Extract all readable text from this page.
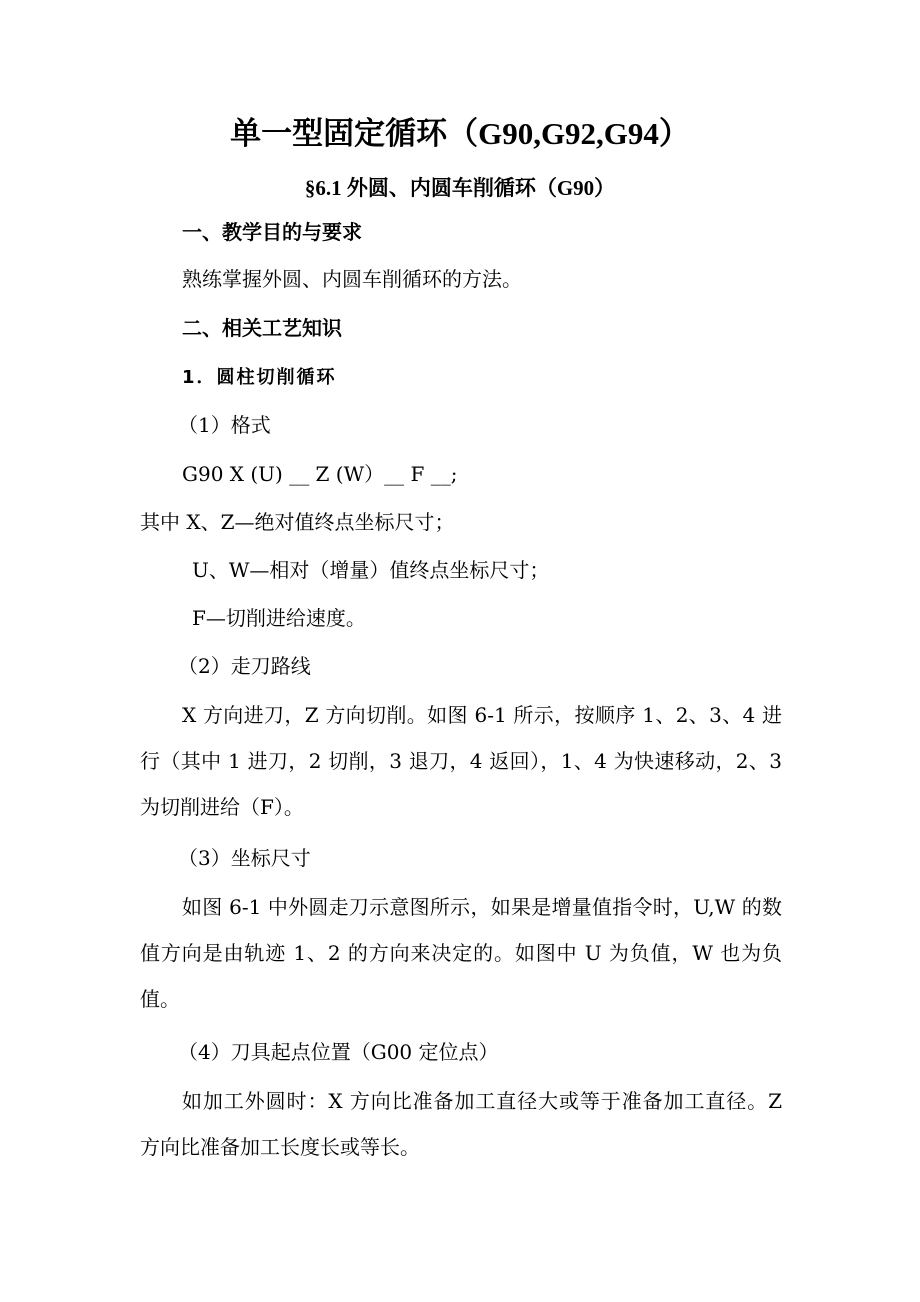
单一型固定循环（G90,G92,G94）
§6.1 外圆、内圆车削循环（G90）
一、教学目的与要求
熟练掌握外圆、内圆车削循环的方法。
二、相关工艺知识
1．圆柱切削循环
（1）格式
G90 X (U) __ Z (W）__ F __;
其中 X、Z—绝对值终点坐标尺寸；
U、W—相对（增量）值终点坐标尺寸；
F—切削进给速度。
（2）走刀路线
X 方向进刀，Z 方向切削。如图 6-1 所示，按顺序 1、2、3、4 进行（其中 1 进刀，2 切削，3 退刀，4 返回），1、4 为快速移动，2、3 为切削进给（F）。
（3）坐标尺寸
如图 6-1 中外圆走刀示意图所示，如果是增量值指令时，U,W 的数值方向是由轨迹 1、2 的方向来决定的。如图中 U 为负值，W 也为负值。
（4）刀具起点位置（G00 定位点）
如加工外圆时：X 方向比准备加工直径大或等于准备加工直径。Z 方向比准备加工长度长或等长。
